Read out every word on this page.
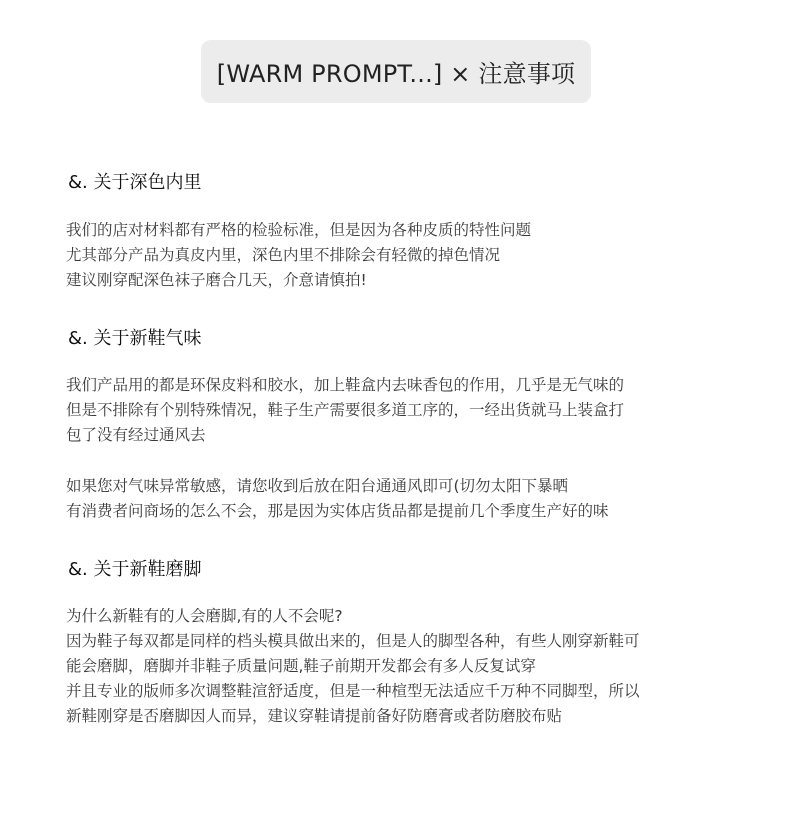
[WARM PROMPT...] × 注意事项
&. 关于深色内里
我们的店对材料都有严格的检验标准，但是因为各种皮质的特性问题
尤其部分产品为真皮内里，深色内里不排除会有轻微的掉色情况
建议刚穿配深色袜子磨合几天，介意请慎拍!
&. 关于新鞋气味
我们产品用的都是环保皮料和胶水，加上鞋盒内去味香包的作用，几乎是无气味的
但是不排除有个别特殊情况，鞋子生产需要很多道工序的，一经出货就马上装盒打
包了没有经过通风去
如果您对气味异常敏感，请您收到后放在阳台通通风即可(切勿太阳下暴晒
有消费者问商场的怎么不会，那是因为实体店货品都是提前几个季度生产好的味
&. 关于新鞋磨脚
为什么新鞋有的人会磨脚,有的人不会呢?
因为鞋子每双都是同样的档头模具做出来的，但是人的脚型各种，有些人刚穿新鞋可
能会磨脚，磨脚并非鞋子质量问题,鞋子前期开发都会有多人反复试穿
并且专业的版师多次调整鞋渲舒适度，但是一种楦型无法适应千万种不同脚型，所以
新鞋刚穿是否磨脚因人而异，建议穿鞋请提前备好防磨膏或者防磨胶布贴
